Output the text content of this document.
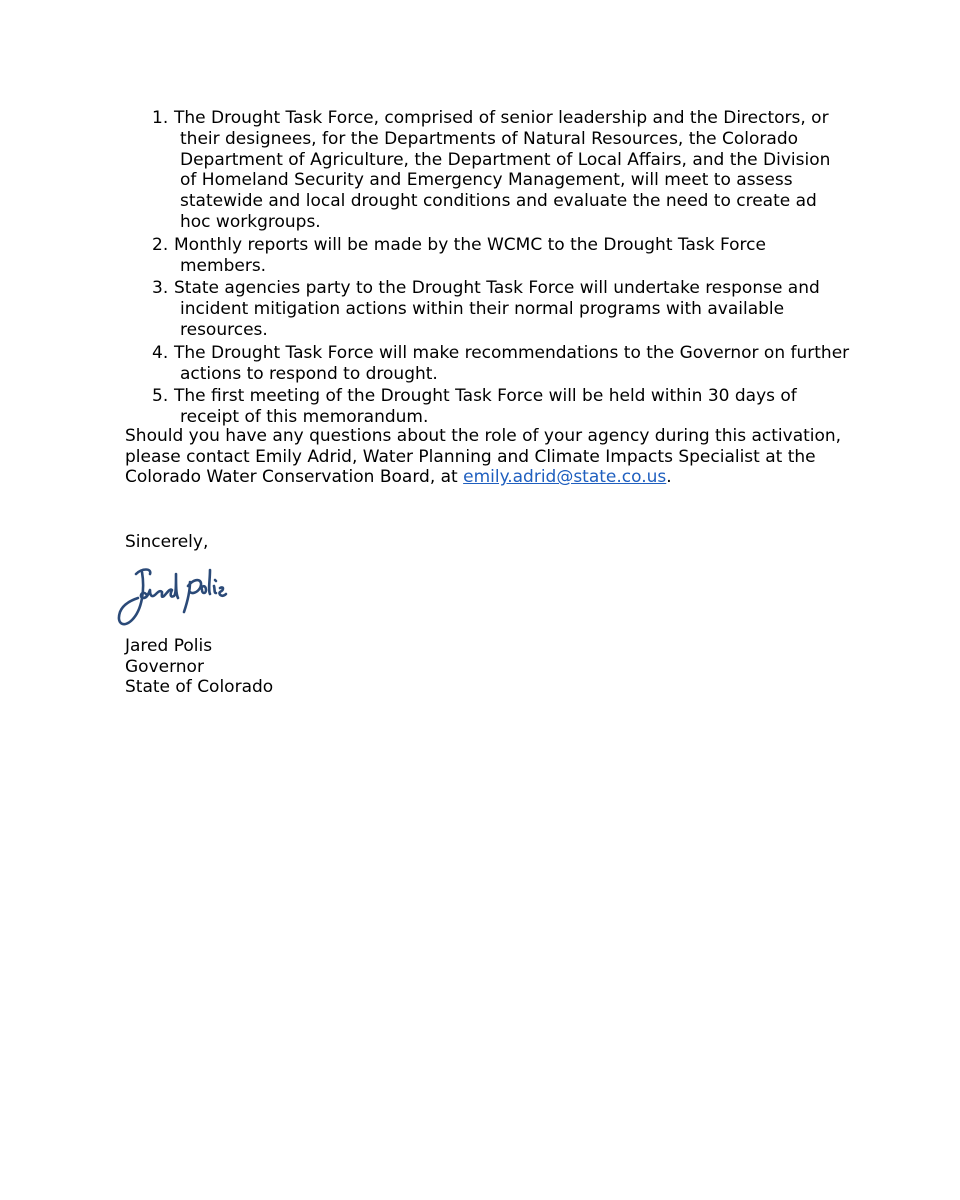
1. The Drought Task Force, comprised of senior leadership and the Directors, or their designees, for the Departments of Natural Resources, the Colorado Department of Agriculture, the Department of Local Affairs, and the Division of Homeland Security and Emergency Management, will meet to assess statewide and local drought conditions and evaluate the need to create ad hoc workgroups.
2. Monthly reports will be made by the WCMC to the Drought Task Force members.
3. State agencies party to the Drought Task Force will undertake response and incident mitigation actions within their normal programs with available resources.
4. The Drought Task Force will make recommendations to the Governor on further actions to respond to drought.
5. The first meeting of the Drought Task Force will be held within 30 days of receipt of this memorandum.

Should you have any questions about the role of your agency during this activation, please contact Emily Adrid, Water Planning and Climate Impacts Specialist at the Colorado Water Conservation Board, at emily.adrid@state.co.us.

Sincerely,

Jared Polis
Governor
State of Colorado
